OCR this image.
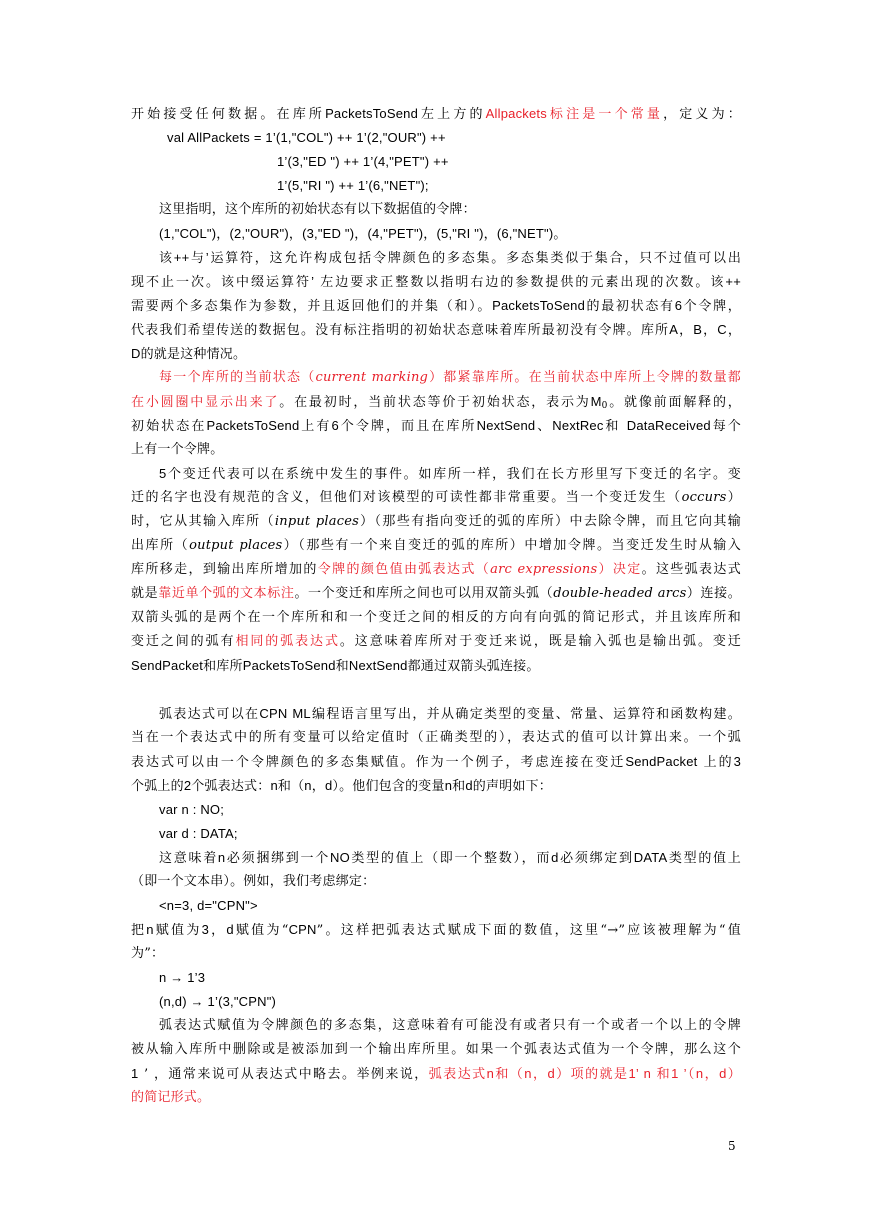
开始接受任何数据。在库所PacketsToSend左上方的Allpackets标注是一个常量，定义为：
val AllPackets = 1’(1,"COL") ++ 1’(2,"OUR") ++
1’(3,"ED ") ++ 1’(4,"PET") ++
1’(5,"RI ") ++ 1’(6,"NET");
这里指明，这个库所的初始状态有以下数据值的令牌：
(1,"COL")，(2,"OUR")，(3,"ED ")，(4,"PET")，(5,"RI ")，(6,"NET")。
该++与’运算符，这允许构成包括令牌颜色的多态集。多态集类似于集合，只不过值可以出
现不止一次。该中缀运算符’ 左边要求正整数以指明右边的参数提供的元素出现的次数。该++
需要两个多态集作为参数，并且返回他们的并集（和）。PacketsToSend的最初状态有6个令牌，
代表我们希望传送的数据包。没有标注指明的初始状态意味着库所最初没有令牌。库所A，B，C，
D的就是这种情况。
每一个库所的当前状态（current marking）都紧靠库所。在当前状态中库所上令牌的数量都
在小圆圈中显示出来了。在最初时，当前状态等价于初始状态，表示为$M_0$。就像前面解释的，
初始状态在PacketsToSend上有6个令牌，而且在库所NextSend、NextRec和 DataReceived每个
上有一个令牌。
5个变迁代表可以在系统中发生的事件。如库所一样，我们在长方形里写下变迁的名字。变
迁的名字也没有规范的含义，但他们对该模型的可读性都非常重要。当一个变迁发生（occurs）
时，它从其输入库所（input places）（那些有指向变迁的弧的库所）中去除令牌，而且它向其输
出库所（output places）（那些有一个来自变迁的弧的库所）中增加令牌。当变迁发生时从输入
库所移走，到输出库所增加的令牌的颜色值由弧表达式（arc expressions）决定。这些弧表达式
就是靠近单个弧的文本标注。一个变迁和库所之间也可以用双箭头弧（double-headed arcs）连接。
双箭头弧的是两个在一个库所和和一个变迁之间的相反的方向有向弧的简记形式，并且该库所和
变迁之间的弧有相同的弧表达式。这意味着库所对于变迁来说，既是输入弧也是输出弧。变迁
SendPacket和库所PacketsToSend和NextSend都通过双箭头弧连接。
弧表达式可以在CPN ML编程语言里写出，并从确定类型的变量、常量、运算符和函数构建。
当在一个表达式中的所有变量可以给定值时（正确类型的），表达式的值可以计算出来。一个弧
表达式可以由一个令牌颜色的多态集赋值。作为一个例子，考虑连接在变迁SendPacket 上的3
个弧上的2个弧表达式：n和（n，d）。他们包含的变量n和d的声明如下：
var n : NO;
var d : DATA;
这意味着n必须捆绑到一个NO类型的值上（即一个整数），而d必须绑定到DATA类型的值上
（即一个文本串）。例如，我们考虑绑定：
<n=3, d="CPN">
把n赋值为3，d赋值为“CPN”。这样把弧表达式赋成下面的数值，这里“→”应该被理解为“值
为”：
n → 1’3
(n,d) → 1’(3,"CPN")
弧表达式赋值为令牌颜色的多态集，这意味着有可能没有或者只有一个或者一个以上的令牌
被从输入库所中删除或是被添加到一个输出库所里。如果一个弧表达式值为一个令牌，那么这个
1 ’ ，通常来说可从表达式中略去。举例来说，弧表达式n和（n，d）项的就是1’ n 和1 ’（n，d）
的简记形式。
5
